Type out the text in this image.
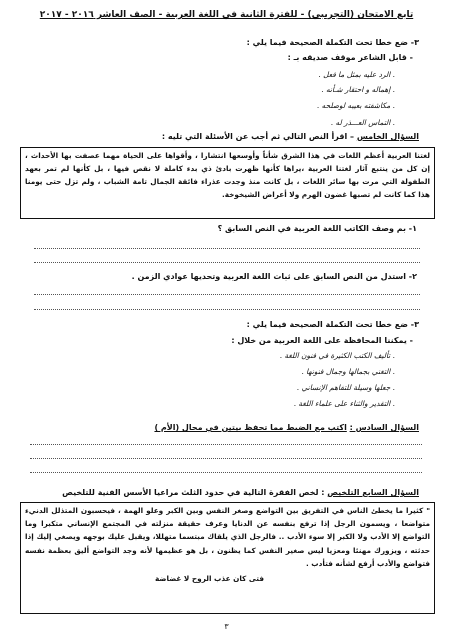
تابع الامتحان (التجريبي) - للفترة الثانية في اللغة العربية - الصف العاشر ٢٠١٦ - ٢٠١٧
٣- ضع خطا تحت التكملة الصحيحة فيما يلي :
- قابل الشاعر موقف صديقه بـ :
. الرد عليه بمثل ما فعل .
. إهماله و احتقار شـأنه .
. مكاشفته بعيبه لوصلحه .
. التماس العـــذر له .
السؤال الخامس – اقرأ النص التالي ثم أجب عن الأسئلة التي تليه :
لغتنا العربية أعظم اللغات في هذا الشرق شأناً وأوسعها انتشارا ، وأقواها على الحياة مهما عصفت بها الأحداث ، إن كل من ينتبع آثار لغتنا العربية ،يراها كأنها ظهرت بادئ ذي بدء كاملة لا نقص فيها ، بل كأنها لم تمر بعهد الطفولة التي مرت بها سائر اللغات ، بل كانت منذ وجدت عذراء فائقة الجمال تامة الشباب ، ولم تزل حتى يومنا هذا كما كانت لم تصبها غضون الهرم ولا أعراض الشيخوخة.
١- بم وصف الكاتب اللغة العربية في النص السابق ؟
٢- استدل من النص السابق على ثبات اللغة العربية وتحديها عوادي الزمن .
٣- ضع خطا تحت التكملة الصحيحة فيما يلي :
- يمكننا المحافظة على اللغة العربية من خلال :
. تأليف الكتب الكثيرة في فنون اللغة .
. التغني بجمالها وجمال فنونها .
. جعلها وسيلة للتفاهم الإنساني .
. التقدير والثناء على علماء اللغة .
السؤال السادس : اكتب مع الضبط مما تحفظ بيتين في مجال (الأم )
السؤال السابع التلخيص : لخص الفقرة التالية في حدود الثلث مراعيا الأسس الفنية للتلخيص
" كثيرا ما يخطئ الناس في التفريق بين التواضع وصغر النفس وبين الكبر وعلو الهمة ، فيحسبون المتذلل الدنيء متواضعا ، ويسمون الرجل إذا ترفع بنفسه عن الدنايا وعرف حقيقة منزلته في المجتمع الإنساني متكبرا وما التواضع إلا الأدب ولا الكبر إلا سوء الأدب .. فالرجل الذي يلقاك مبتسما متهللا، ويقبل عليك بوجهه ويصغي إليك إذا حدثته ، ويزورك مهنئا ومعزيا ليس صغير النفس كما يظنون ، بل هو عظيمها لأنه وجد التواضع أليق بعظمة نفسه فتواضع والأدب أرفع لشأنه فتأدب .
فتى كان عذب الروح لا غضاضة
٣
